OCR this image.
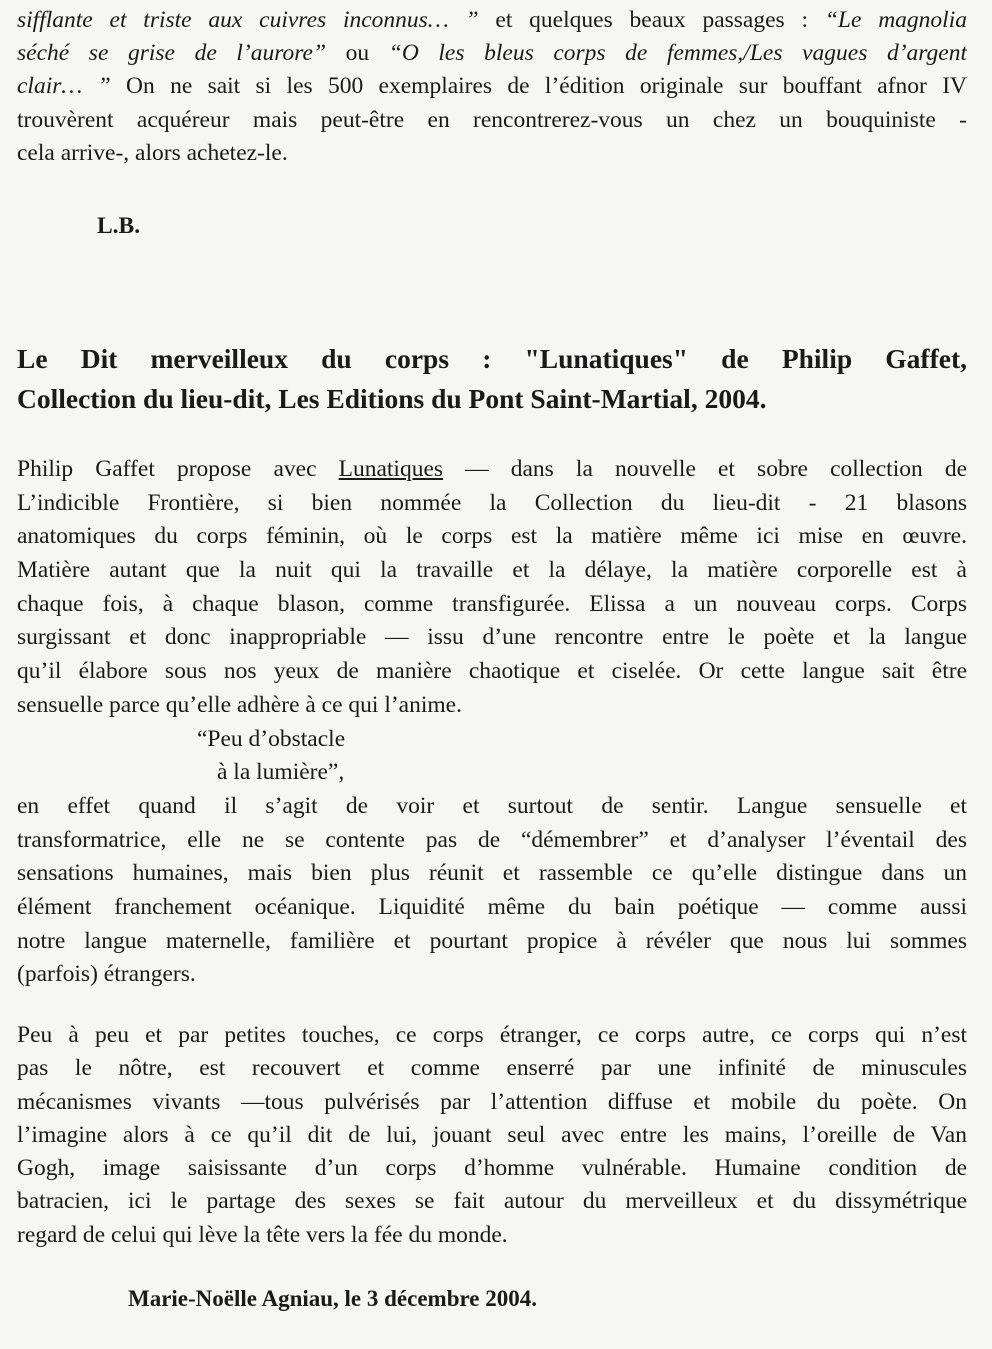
sifflante et triste aux cuivres inconnus… ” et quelques beaux passages : “Le magnolia
séché se grise de l’aurore” ou “O les bleus corps de femmes,/Les vagues d’argent
clair… ” On ne sait si les 500 exemplaires de l’édition originale sur bouffant afnor IV
trouvèrent acquéreur mais peut-être en rencontrerez-vous un chez un bouquiniste -
cela arrive-, alors achetez-le.
L.B.
Le Dit merveilleux du corps : "Lunatiques" de Philip Gaffet,
Collection du lieu-dit, Les Editions du Pont Saint-Martial, 2004.
Philip Gaffet propose avec Lunatiques — dans la nouvelle et sobre collection de
L’indicible Frontière, si bien nommée la Collection du lieu-dit - 21 blasons
anatomiques du corps féminin, où le corps est la matière même ici mise en œuvre.
Matière autant que la nuit qui la travaille et la délaye, la matière corporelle est à
chaque fois, à chaque blason, comme transfigurée. Elissa a un nouveau corps. Corps
surgissant et donc inappropriable — issu d’une rencontre entre le poète et la langue
qu’il élabore sous nos yeux de manière chaotique et ciselée. Or cette langue sait être
sensuelle parce qu’elle adhère à ce qui l’anime.
“Peu d’obstacle
à la lumière”,
en effet quand il s’agit de voir et surtout de sentir. Langue sensuelle et
transformatrice, elle ne se contente pas de “démembrer” et d’analyser l’éventail des
sensations humaines, mais bien plus réunit et rassemble ce qu’elle distingue dans un
élément franchement océanique. Liquidité même du bain poétique — comme aussi
notre langue maternelle, familière et pourtant propice à révéler que nous lui sommes
(parfois) étrangers.
Peu à peu et par petites touches, ce corps étranger, ce corps autre, ce corps qui n’est
pas le nôtre, est recouvert et comme enserré par une infinité de minuscules
mécanismes vivants —tous pulvérisés par l’attention diffuse et mobile du poète. On
l’imagine alors à ce qu’il dit de lui, jouant seul avec entre les mains, l’oreille de Van
Gogh, image saisissante d’un corps d’homme vulnérable. Humaine condition de
batracien, ici le partage des sexes se fait autour du merveilleux et du dissymétrique
regard de celui qui lève la tête vers la fée du monde.
Marie-Noëlle Agniau, le 3 décembre 2004.
